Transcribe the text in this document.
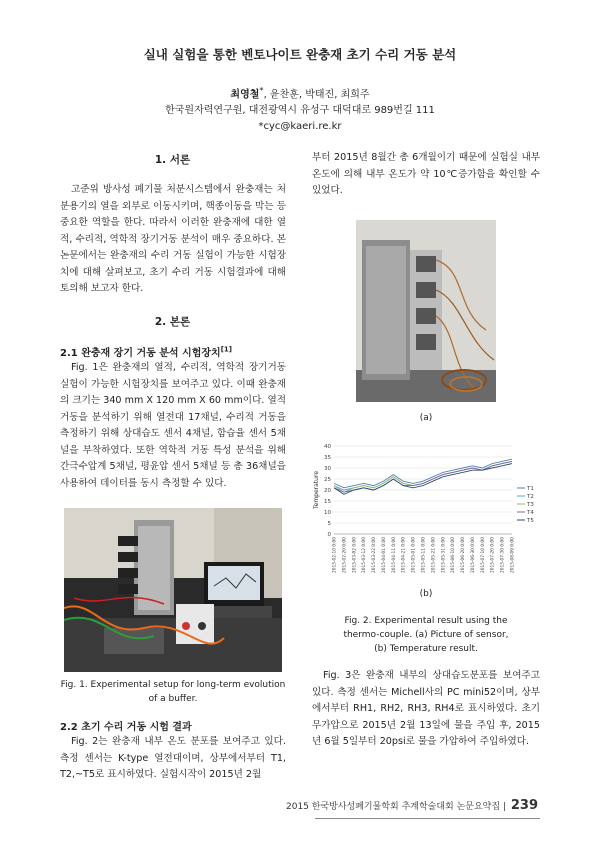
실내 실험을 통한 벤토나이트 완충재 초기 수리 거동 분석
최영철*, 윤찬훈, 박태진, 최희주
한국원자력연구원, 대전광역시 유성구 대덕대로 989번길 111
*cyc@kaeri.re.kr
1. 서론

고준위 방사성 폐기물 처분시스템에서 완충재는 처분용기의 열을 외부로 이동시키며, 핵종이동을 막는 등 중요한 역할을 한다. 따라서 이러한 완충재에 대한 열적, 수리적, 역학적 장기거동 분석이 매우 중요하다. 본 논문에서는 완충재의 수리 거동 실험이 가능한 시험장치에 대해 살펴보고, 초기 수리 거동 시험결과에 대해 토의해 보고자 한다.

2. 본론
2.1 완충재 장기 거동 분석 시험장치[1]

Fig. 1은 완충재의 열적, 수리적, 역학적 장기거동 실험이 가능한 시험장치를 보여주고 있다. 이때 완충재의 크기는 340 mm X 120 mm X 60 mm이다. 열적 거동을 분석하기 위해 열전대 17채널, 수리적 거동을 측정하기 위해 상대습도 센서 4채널, 함습율 센서 5채널을 부착하였다. 또한 역학적 거동 특성 분석을 위해 간극수압계 5채널, 평윤압 센서 5채널 등 총 36채널을 사용하여 데이터를 동시 측정할 수 있다.

Fig. 1. Experimental setup for long-term evolution of a buffer.
2.2 초기 수리 거동 시험 결과

Fig. 2는 완충재 내부 온도 분포를 보여주고 있다. 측정 센서는 K-type 열전대이며, 상부에서부터 T1, T2,~T5로 표시하였다. 실험시작이 2015년 2월

부터 2015년 8월간 총 6개월이기 때문에 실험실 내부 온도에 의해 내부 온도가 약 10℃증가함을 확인할 수 있었다.

(a)
0
5
10
15
20
25
30
35
40
2015-02-10 0:00 2015-02-20 0:00 2015-03-02 0:00 2015-03-12 0:00 2015-03-22 0:00 2015-04-01 0:00 2015-04-11 0:00 2015-04-21 0:00 2015-05-01 0:00 2015-05-11 0:00 2015-05-21 0:00 2015-05-31 0:00 2015-06-10 0:00 2015-06-20 0:00 2015-06-30 0:00 2015-07-10 0:00 2015-07-20 0:00 2015-07-30 0:00 2015-08-09 0:00
T1
T2
T3
T4
T5
Temperature
(b)
Fig. 2. Experimental result using the
thermo-couple. (a) Picture of sensor,
(b) Temperature result.

Fig. 3은 완충재 내부의 상대습도분포를 보여주고 있다. 측정 센서는 Michell사의 PC mini52이며, 상부에서부터 RH1, RH2, RH3, RH4로 표시하였다. 초기 무가압으로 2015년 2월 13일에 물을 주입 후, 2015년 6월 5일부터 20psi로 물을 가압하여 주입하였다.

2015 한국방사성폐기물학회 추계학술대회 논문요약집 | 239
